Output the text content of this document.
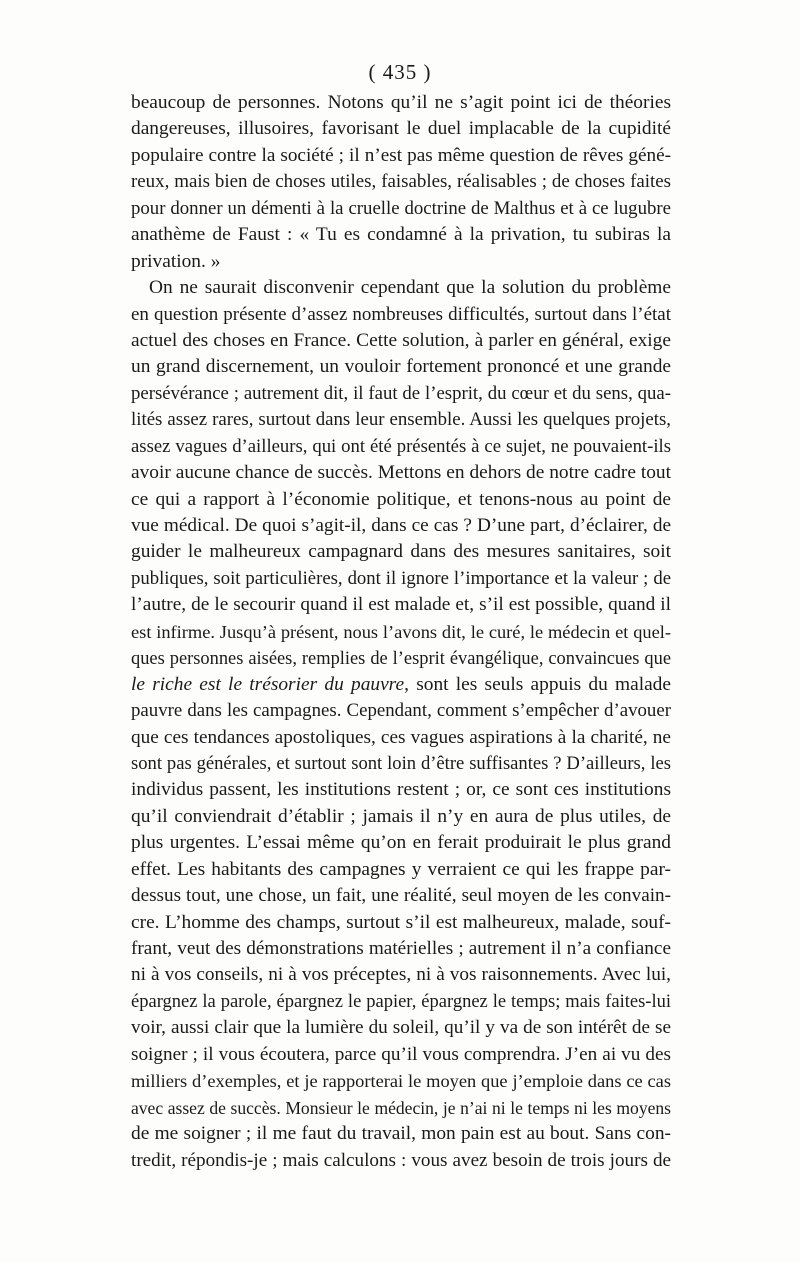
( 435 )
beaucoup de personnes. Notons qu’il ne s’agit point ici de théories
dangereuses, illusoires, favorisant le duel implacable de la cupidité
populaire contre la société ; il n’est pas même question de rêves géné-
reux, mais bien de choses utiles, faisables, réalisables ; de choses faites
pour donner un démenti à la cruelle doctrine de Malthus et à ce lugubre
anathème de Faust : « Tu es condamné à la privation, tu subiras la
privation. »
On ne saurait disconvenir cependant que la solution du problème
en question présente d’assez nombreuses difficultés, surtout dans l’état
actuel des choses en France. Cette solution, à parler en général, exige
un grand discernement, un vouloir fortement prononcé et une grande
persévérance ; autrement dit, il faut de l’esprit, du cœur et du sens, qua-
lités assez rares, surtout dans leur ensemble. Aussi les quelques projets,
assez vagues d’ailleurs, qui ont été présentés à ce sujet, ne pouvaient-ils
avoir aucune chance de succès. Mettons en dehors de notre cadre tout
ce qui a rapport à l’économie politique, et tenons-nous au point de
vue médical. De quoi s’agit-il, dans ce cas ? D’une part, d’éclairer, de
guider le malheureux campagnard dans des mesures sanitaires, soit
publiques, soit particulières, dont il ignore l’importance et la valeur ; de
l’autre, de le secourir quand il est malade et, s’il est possible, quand il
est infirme. Jusqu’à présent, nous l’avons dit, le curé, le médecin et quel-
ques personnes aisées, remplies de l’esprit évangélique, convaincues que
le riche est le trésorier du pauvre, sont les seuls appuis du malade
pauvre dans les campagnes. Cependant, comment s’empêcher d’avouer
que ces tendances apostoliques, ces vagues aspirations à la charité, ne
sont pas générales, et surtout sont loin d’être suffisantes ? D’ailleurs, les
individus passent, les institutions restent ; or, ce sont ces institutions
qu’il conviendrait d’établir ; jamais il n’y en aura de plus utiles, de
plus urgentes. L’essai même qu’on en ferait produirait le plus grand
effet. Les habitants des campagnes y verraient ce qui les frappe par-
dessus tout, une chose, un fait, une réalité, seul moyen de les convain-
cre. L’homme des champs, surtout s’il est malheureux, malade, souf-
frant, veut des démonstrations matérielles ; autrement il n’a confiance
ni à vos conseils, ni à vos préceptes, ni à vos raisonnements. Avec lui,
épargnez la parole, épargnez le papier, épargnez le temps; mais faites-lui
voir, aussi clair que la lumière du soleil, qu’il y va de son intérêt de se
soigner ; il vous écoutera, parce qu’il vous comprendra. J’en ai vu des
milliers d’exemples, et je rapporterai le moyen que j’emploie dans ce cas
avec assez de succès. Monsieur le médecin, je n’ai ni le temps ni les moyens
de me soigner ; il me faut du travail, mon pain est au bout. Sans con-
tredit, répondis-je ; mais calculons : vous avez besoin de trois jours de
